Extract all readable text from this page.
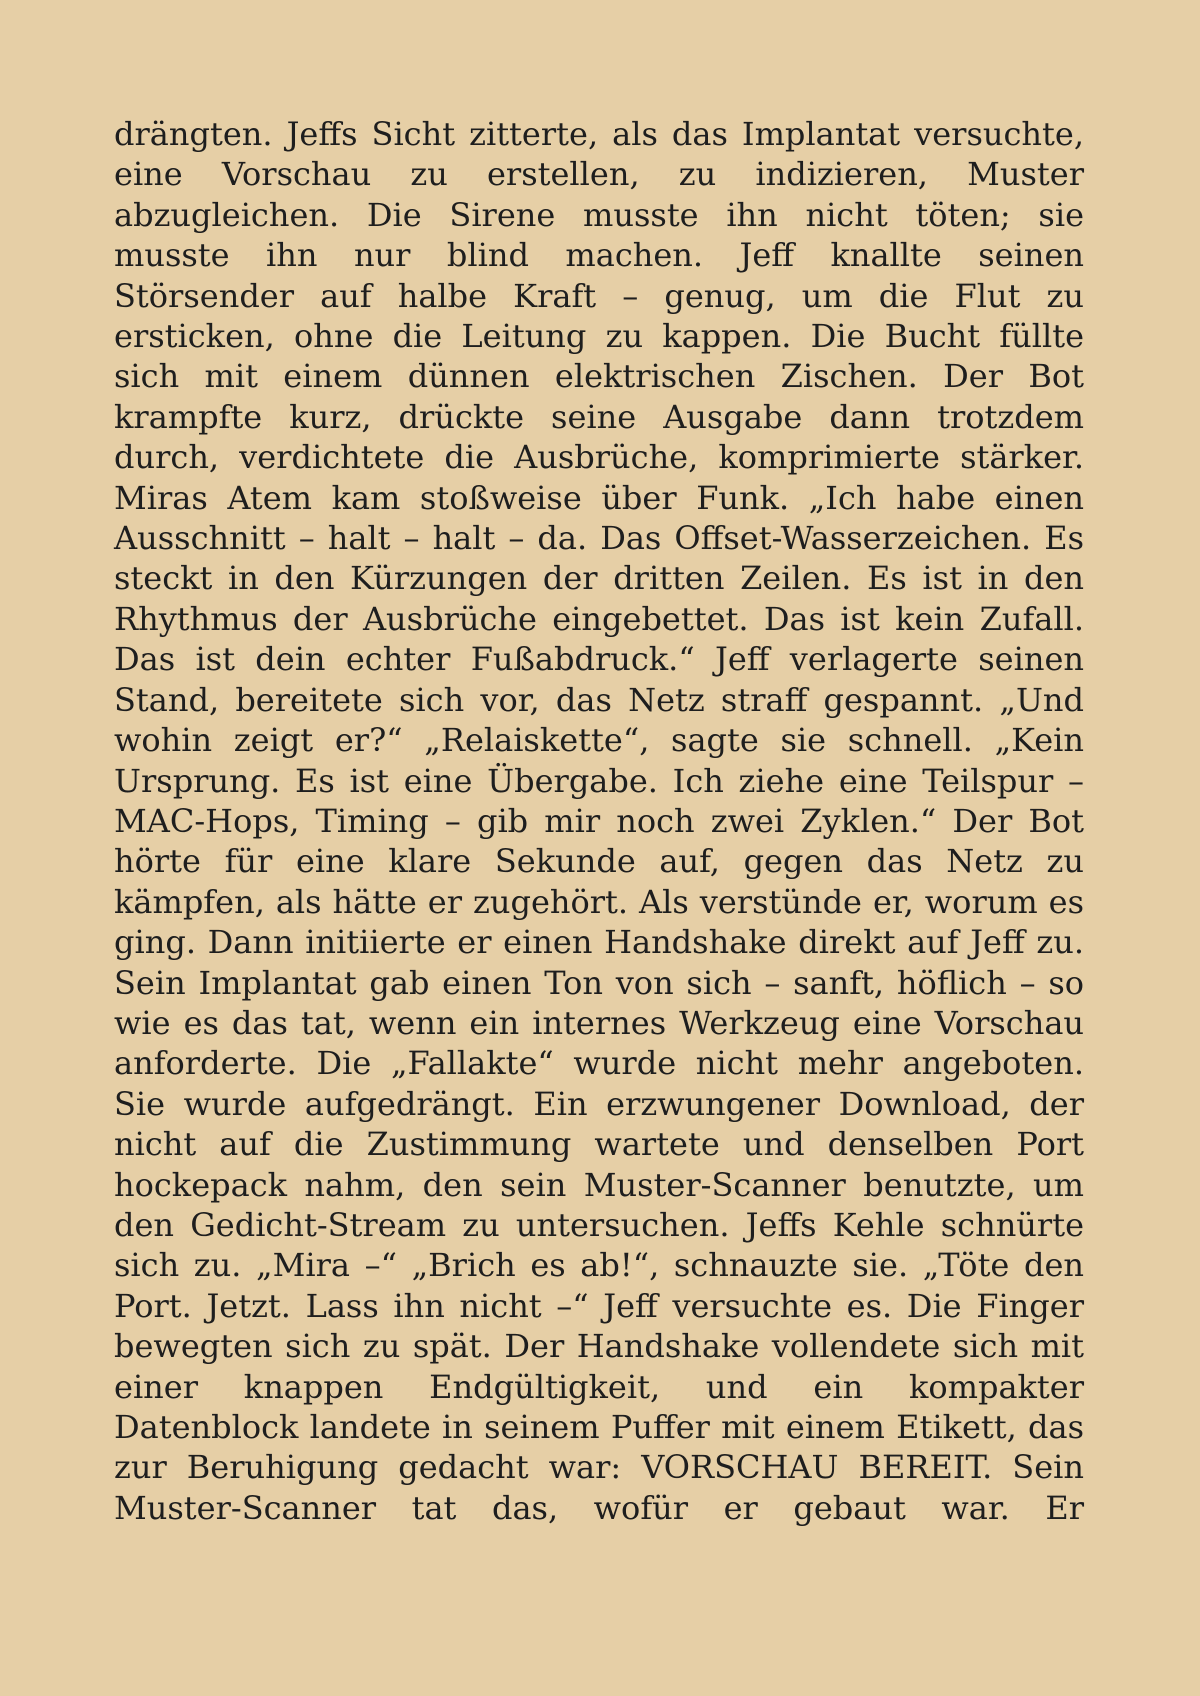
drängten. Jeffs Sicht zitterte, als das Implantat versuchte, eine Vorschau zu erstellen, zu indizieren, Muster abzugleichen. Die Sirene musste ihn nicht töten; sie musste ihn nur blind machen. Jeff knallte seinen Störsender auf halbe Kraft – genug, um die Flut zu ersticken, ohne die Leitung zu kappen. Die Bucht füllte sich mit einem dünnen elektrischen Zischen. Der Bot krampfte kurz, drückte seine Ausgabe dann trotzdem durch, verdichtete die Ausbrüche, komprimierte stärker. Miras Atem kam stoßweise über Funk. „Ich habe einen Ausschnitt – halt – halt – da. Das Offset-Wasserzeichen. Es steckt in den Kürzungen der dritten Zeilen. Es ist in den Rhythmus der Ausbrüche eingebettet. Das ist kein Zufall. Das ist dein echter Fußabdruck.“ Jeff verlagerte seinen Stand, bereitete sich vor, das Netz straff gespannt. „Und wohin zeigt er?“ „Relaiskette“, sagte sie schnell. „Kein Ursprung. Es ist eine Übergabe. Ich ziehe eine Teilspur – MAC-Hops, Timing – gib mir noch zwei Zyklen.“ Der Bot hörte für eine klare Sekunde auf, gegen das Netz zu kämpfen, als hätte er zugehört. Als verstünde er, worum es ging. Dann initiierte er einen Handshake direkt auf Jeff zu. Sein Implantat gab einen Ton von sich – sanft, höflich – so wie es das tat, wenn ein internes Werkzeug eine Vorschau anforderte. Die „Fallakte“ wurde nicht mehr angeboten. Sie wurde aufgedrängt. Ein erzwungener Download, der nicht auf die Zustimmung wartete und denselben Port hockepack nahm, den sein Muster-Scanner benutzte, um den Gedicht-Stream zu untersuchen. Jeffs Kehle schnürte sich zu. „Mira –“ „Brich es ab!“, schnauzte sie. „Töte den Port. Jetzt. Lass ihn nicht –“ Jeff versuchte es. Die Finger bewegten sich zu spät. Der Handshake vollendete sich mit einer knappen Endgültigkeit, und ein kompakter Datenblock landete in seinem Puffer mit einem Etikett, das zur Beruhigung gedacht war: VORSCHAU BEREIT. Sein Muster-Scanner tat das, wofür er gebaut war. Er
